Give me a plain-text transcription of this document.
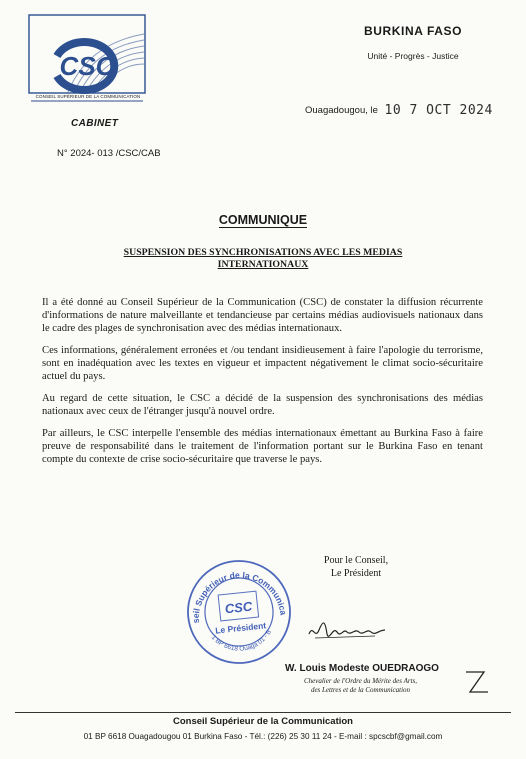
CSC
CONSEIL SUPÉRIEUR DE LA COMMUNICATION
BURKINA FASO
Unité - Progrès - Justice
Ouagadougou, le 10 7 OCT 2024
CABINET
N° 2024- 013 /CSC/CAB
COMMUNIQUE
SUSPENSION DES SYNCHRONISATIONS AVEC LES MEDIAS INTERNATIONAUX

Il a été donné au Conseil Supérieur de la Communication (CSC) de constater la diffusion récurrente d'informations de nature malveillante et tendancieuse par certains médias audiovisuels nationaux dans le cadre des plages de synchronisation avec des médias internationaux.

Ces informations, généralement erronées et /ou tendant insidieusement à faire l'apologie du terrorisme, sont en inadéquation avec les textes en vigueur et impactent négativement le climat socio-sécuritaire actuel du pays.

Au regard de cette situation, le CSC a décidé de la suspension des synchronisations des médias nationaux avec ceux de l'étranger jusqu'à nouvel ordre.

Par ailleurs, le CSC interpelle l'ensemble des médias internationaux émettant au Burkina Faso à faire preuve de responsabilité dans le traitement de l'information portant sur le Burkina Faso en tenant compte du contexte de crise socio-sécuritaire que traverse le pays.

Pour le Conseil,
Le Président
Conseil Supérieur de la Communication
01 BP 6618 Ouaga 01 - BF
CSC
Le Président
W. Louis Modeste OUEDRAOGO
Chevalier de l'Ordre du Mérite des Arts,
des Lettres et de la Communication
Conseil Supérieur de la Communication
01 BP 6618 Ouagadougou 01 Burkina Faso - Tél.: (226) 25 30 11 24 - E-mail : spcscbf@gmail.com
